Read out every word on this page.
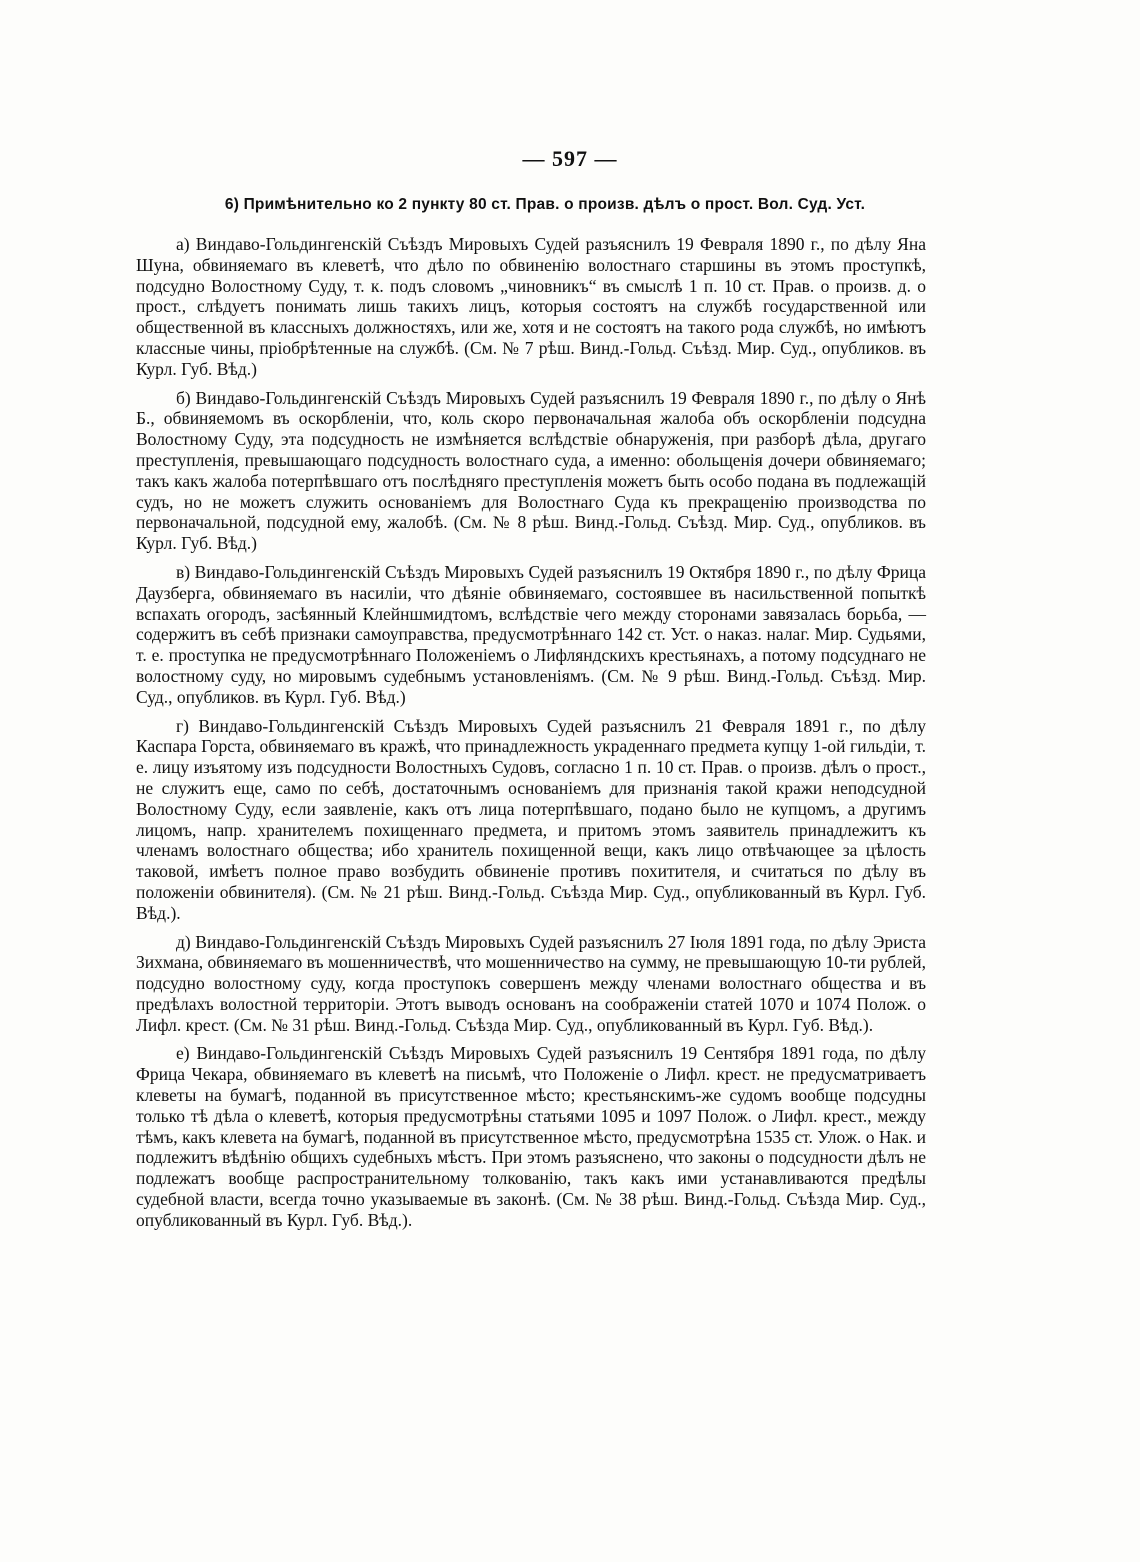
— 597 —
6) Примѣнительно ко 2 пункту 80 ст. Прав. о произв. дѣлъ о прост. Вол. Суд. Уст.

а) Виндаво-Гольдингенскій Съѣздъ Мировыхъ Судей разъяснилъ 19 Февраля 1890 г., по дѣлу Яна Шуна, обвиняемаго въ клеветѣ, что дѣло по обвиненію волостнаго старшины въ этомъ проступкѣ, подсудно Волостному Суду, т. к. подъ словомъ „чиновникъ“ въ смыслѣ 1 п. 10 ст. Прав. о произв. д. о прост., слѣдуетъ понимать лишь такихъ лицъ, которыя состоятъ на службѣ государственной или общественной въ классныхъ должностяхъ, или же, хотя и не состоятъ на такого рода службѣ, но имѣютъ классные чины, пріобрѣтенные на службѣ. (См. № 7 рѣш. Винд.-Гольд. Съѣзд. Мир. Суд., опубликов. въ Курл. Губ. Вѣд.)

б) Виндаво-Гольдингенскій Съѣздъ Мировыхъ Судей разъяснилъ 19 Февраля 1890 г., по дѣлу о Янѣ Б., обвиняемомъ въ оскорбленіи, что, коль скоро первоначальная жалоба объ оскорбленіи подсудна Волостному Суду, эта подсудность не измѣняется вслѣдствіе обнаруженія, при разборѣ дѣла, другаго преступленія, превышающаго подсудность волостнаго суда, а именно: обольщенія дочери обвиняемаго; такъ какъ жалоба потерпѣвшаго отъ послѣдняго преступленія можетъ быть особо подана въ подлежащій судъ, но не можетъ служить основаніемъ для Волостнаго Суда къ прекращенію производства по первоначальной, подсудной ему, жалобѣ. (См. № 8 рѣш. Винд.-Гольд. Съѣзд. Мир. Суд., опубликов. въ Курл. Губ. Вѣд.)

в) Виндаво-Гольдингенскій Съѣздъ Мировыхъ Судей разъяснилъ 19 Октября 1890 г., по дѣлу Фрица Даузберга, обвиняемаго въ насиліи, что дѣяніе обвиняемаго, состоявшее въ насильственной попыткѣ вспахать огородъ, засѣянный Клейншмидтомъ, вслѣдствіе чего между сторонами завязалась борьба, — содержитъ въ себѣ признаки самоуправства, предусмотрѣннаго 142 ст. Уст. о наказ. налаг. Мир. Судьями, т. е. проступка не предусмотрѣннаго Положеніемъ о Лифляндскихъ крестьянахъ, а потому подсуднаго не волостному суду, но мировымъ судебнымъ установленіямъ. (См. № 9 рѣш. Винд.-Гольд. Съѣзд. Мир. Суд., опубликов. въ Курл. Губ. Вѣд.)

г) Виндаво-Гольдингенскій Съѣздъ Мировыхъ Судей разъяснилъ 21 Февраля 1891 г., по дѣлу Каспара Горста, обвиняемаго въ кражѣ, что принадлежность украденнаго предмета купцу 1-ой гильдіи, т. е. лицу изъятому изъ подсудности Волостныхъ Судовъ, согласно 1 п. 10 ст. Прав. о произв. дѣлъ о прост., не служитъ еще, само по себѣ, достаточнымъ основаніемъ для признанія такой кражи неподсудной Волостному Суду, если заявленіе, какъ отъ лица потерпѣвшаго, подано было не купцомъ, а другимъ лицомъ, напр. хранителемъ похищеннаго предмета, и притомъ этомъ заявитель принадлежитъ къ членамъ волостнаго общества; ибо хранитель похищенной вещи, какъ лицо отвѣчающее за цѣлость таковой, имѣетъ полное право возбудить обвиненіе противъ похитителя, и считаться по дѣлу въ положеніи обвинителя). (См. № 21 рѣш. Винд.-Гольд. Съѣзда Мир. Суд., опубликованный въ Курл. Губ. Вѣд.).

д) Виндаво-Гольдингенскій Съѣздъ Мировыхъ Судей разъяснилъ 27 Іюля 1891 года, по дѣлу Эриста Зихмана, обвиняемаго въ мошенничествѣ, что мошенничество на сумму, не превышающую 10-ти рублей, подсудно волостному суду, когда проступокъ совершенъ между членами волостнаго общества и въ предѣлахъ волостной территоріи. Этотъ выводъ основанъ на соображеніи статей 1070 и 1074 Полож. о Лифл. крест. (См. № 31 рѣш. Винд.-Гольд. Съѣзда Мир. Суд., опубликованный въ Курл. Губ. Вѣд.).

е) Виндаво-Гольдингенскій Съѣздъ Мировыхъ Судей разъяснилъ 19 Сентября 1891 года, по дѣлу Фрица Чекара, обвиняемаго въ клеветѣ на письмѣ, что Положеніе о Лифл. крест. не предусматриваетъ клеветы на бумагѣ, поданной въ присутственное мѣсто; крестьянскимъ-же судомъ вообще подсудны только тѣ дѣла о клеветѣ, которыя предусмотрѣны статьями 1095 и 1097 Полож. о Лифл. крест., между тѣмъ, какъ клевета на бумагѣ, поданной въ присутственное мѣсто, предусмотрѣна 1535 ст. Улож. о Нак. и подлежитъ вѣдѣнію общихъ судебныхъ мѣстъ. При этомъ разъяснено, что законы о подсудности дѣлъ не подлежатъ вообще распространительному толкованію, такъ какъ ими устанавливаются предѣлы судебной власти, всегда точно указываемые въ законѣ. (См. № 38 рѣш. Винд.-Гольд. Съѣзда Мир. Суд., опубликованный въ Курл. Губ. Вѣд.).
